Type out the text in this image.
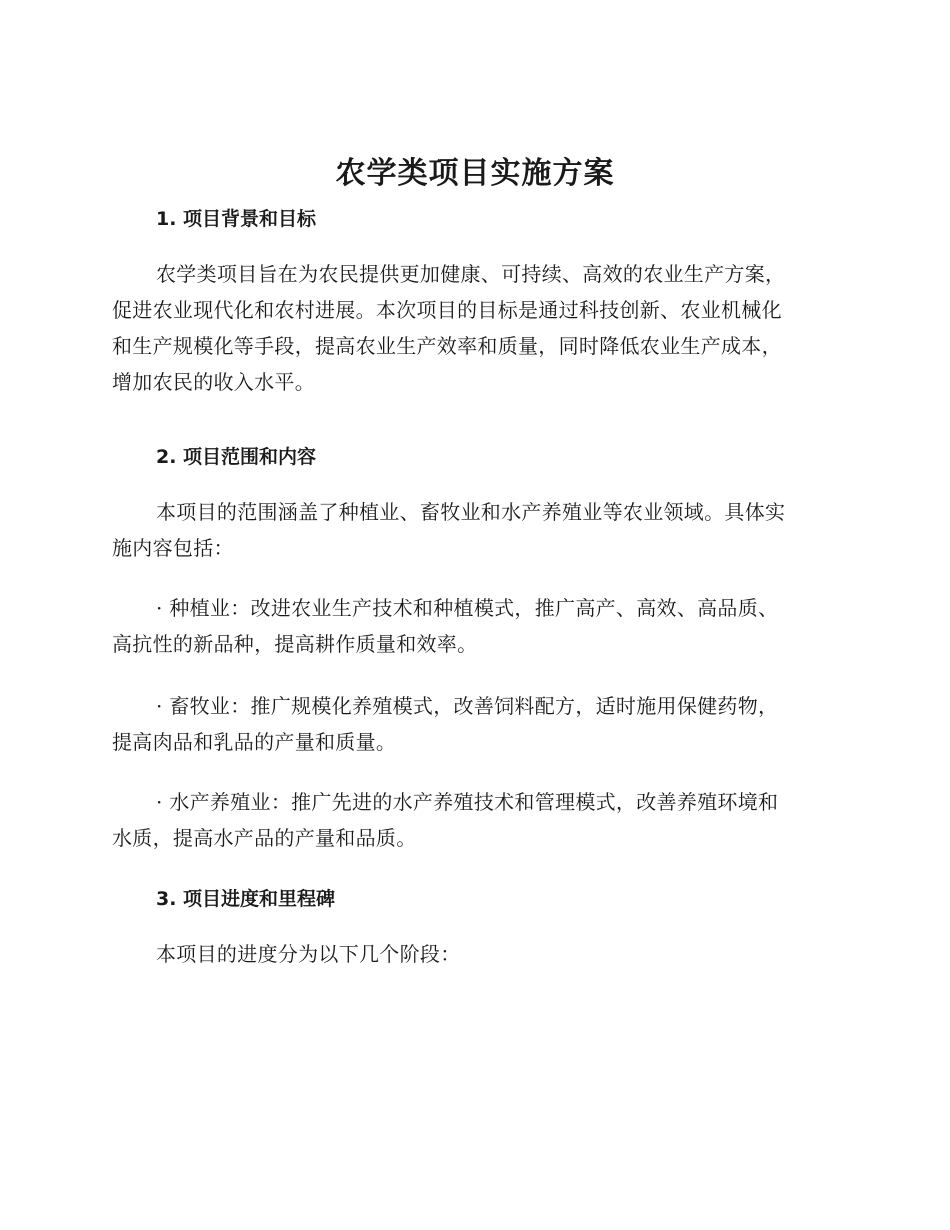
农学类项目实施方案
1. 项目背景和目标

农学类项目旨在为农民提供更加健康、可持续、高效的农业生产方案，
促进农业现代化和农村进展。本次项目的目标是通过科技创新、农业机械化
和生产规模化等手段，提高农业生产效率和质量，同时降低农业生产成本，
增加农民的收入水平。

2. 项目范围和内容

本项目的范围涵盖了种植业、畜牧业和水产养殖业等农业领域。具体实
施内容包括：

· 种植业：改进农业生产技术和种植模式，推广高产、高效、高品质、
高抗性的新品种，提高耕作质量和效率。

· 畜牧业：推广规模化养殖模式，改善饲料配方，适时施用保健药物，
提高肉品和乳品的产量和质量。

· 水产养殖业：推广先进的水产养殖技术和管理模式，改善养殖环境和
水质，提高水产品的产量和品质。

3. 项目进度和里程碑

本项目的进度分为以下几个阶段：
